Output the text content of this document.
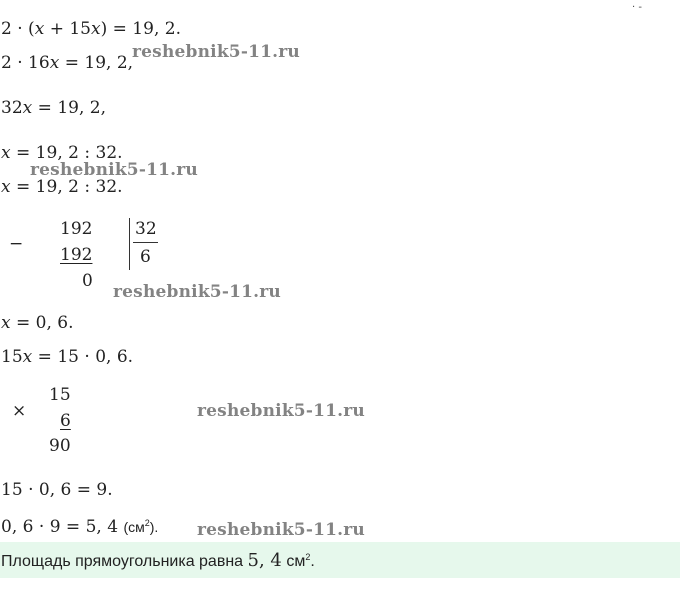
· -
2 · (x + 15x) = 19, 2.
2 · 16x = 19, 2,
32x = 19, 2,
x = 19, 2 : 32.
x = 19, 2 : 32.
−
192
192
0
32
6
x = 0, 6.
15x = 15 · 0, 6.
×
15
6
90
15 · 0, 6 = 9.
0, 6 · 9 = 5, 4 $(см^2)$.
reshebnik5-11.ru
reshebnik5-11.ru
reshebnik5-11.ru
reshebnik5-11.ru
reshebnik5-11.ru
Площадь прямоугольника равна 5, 4 $см^2$.
